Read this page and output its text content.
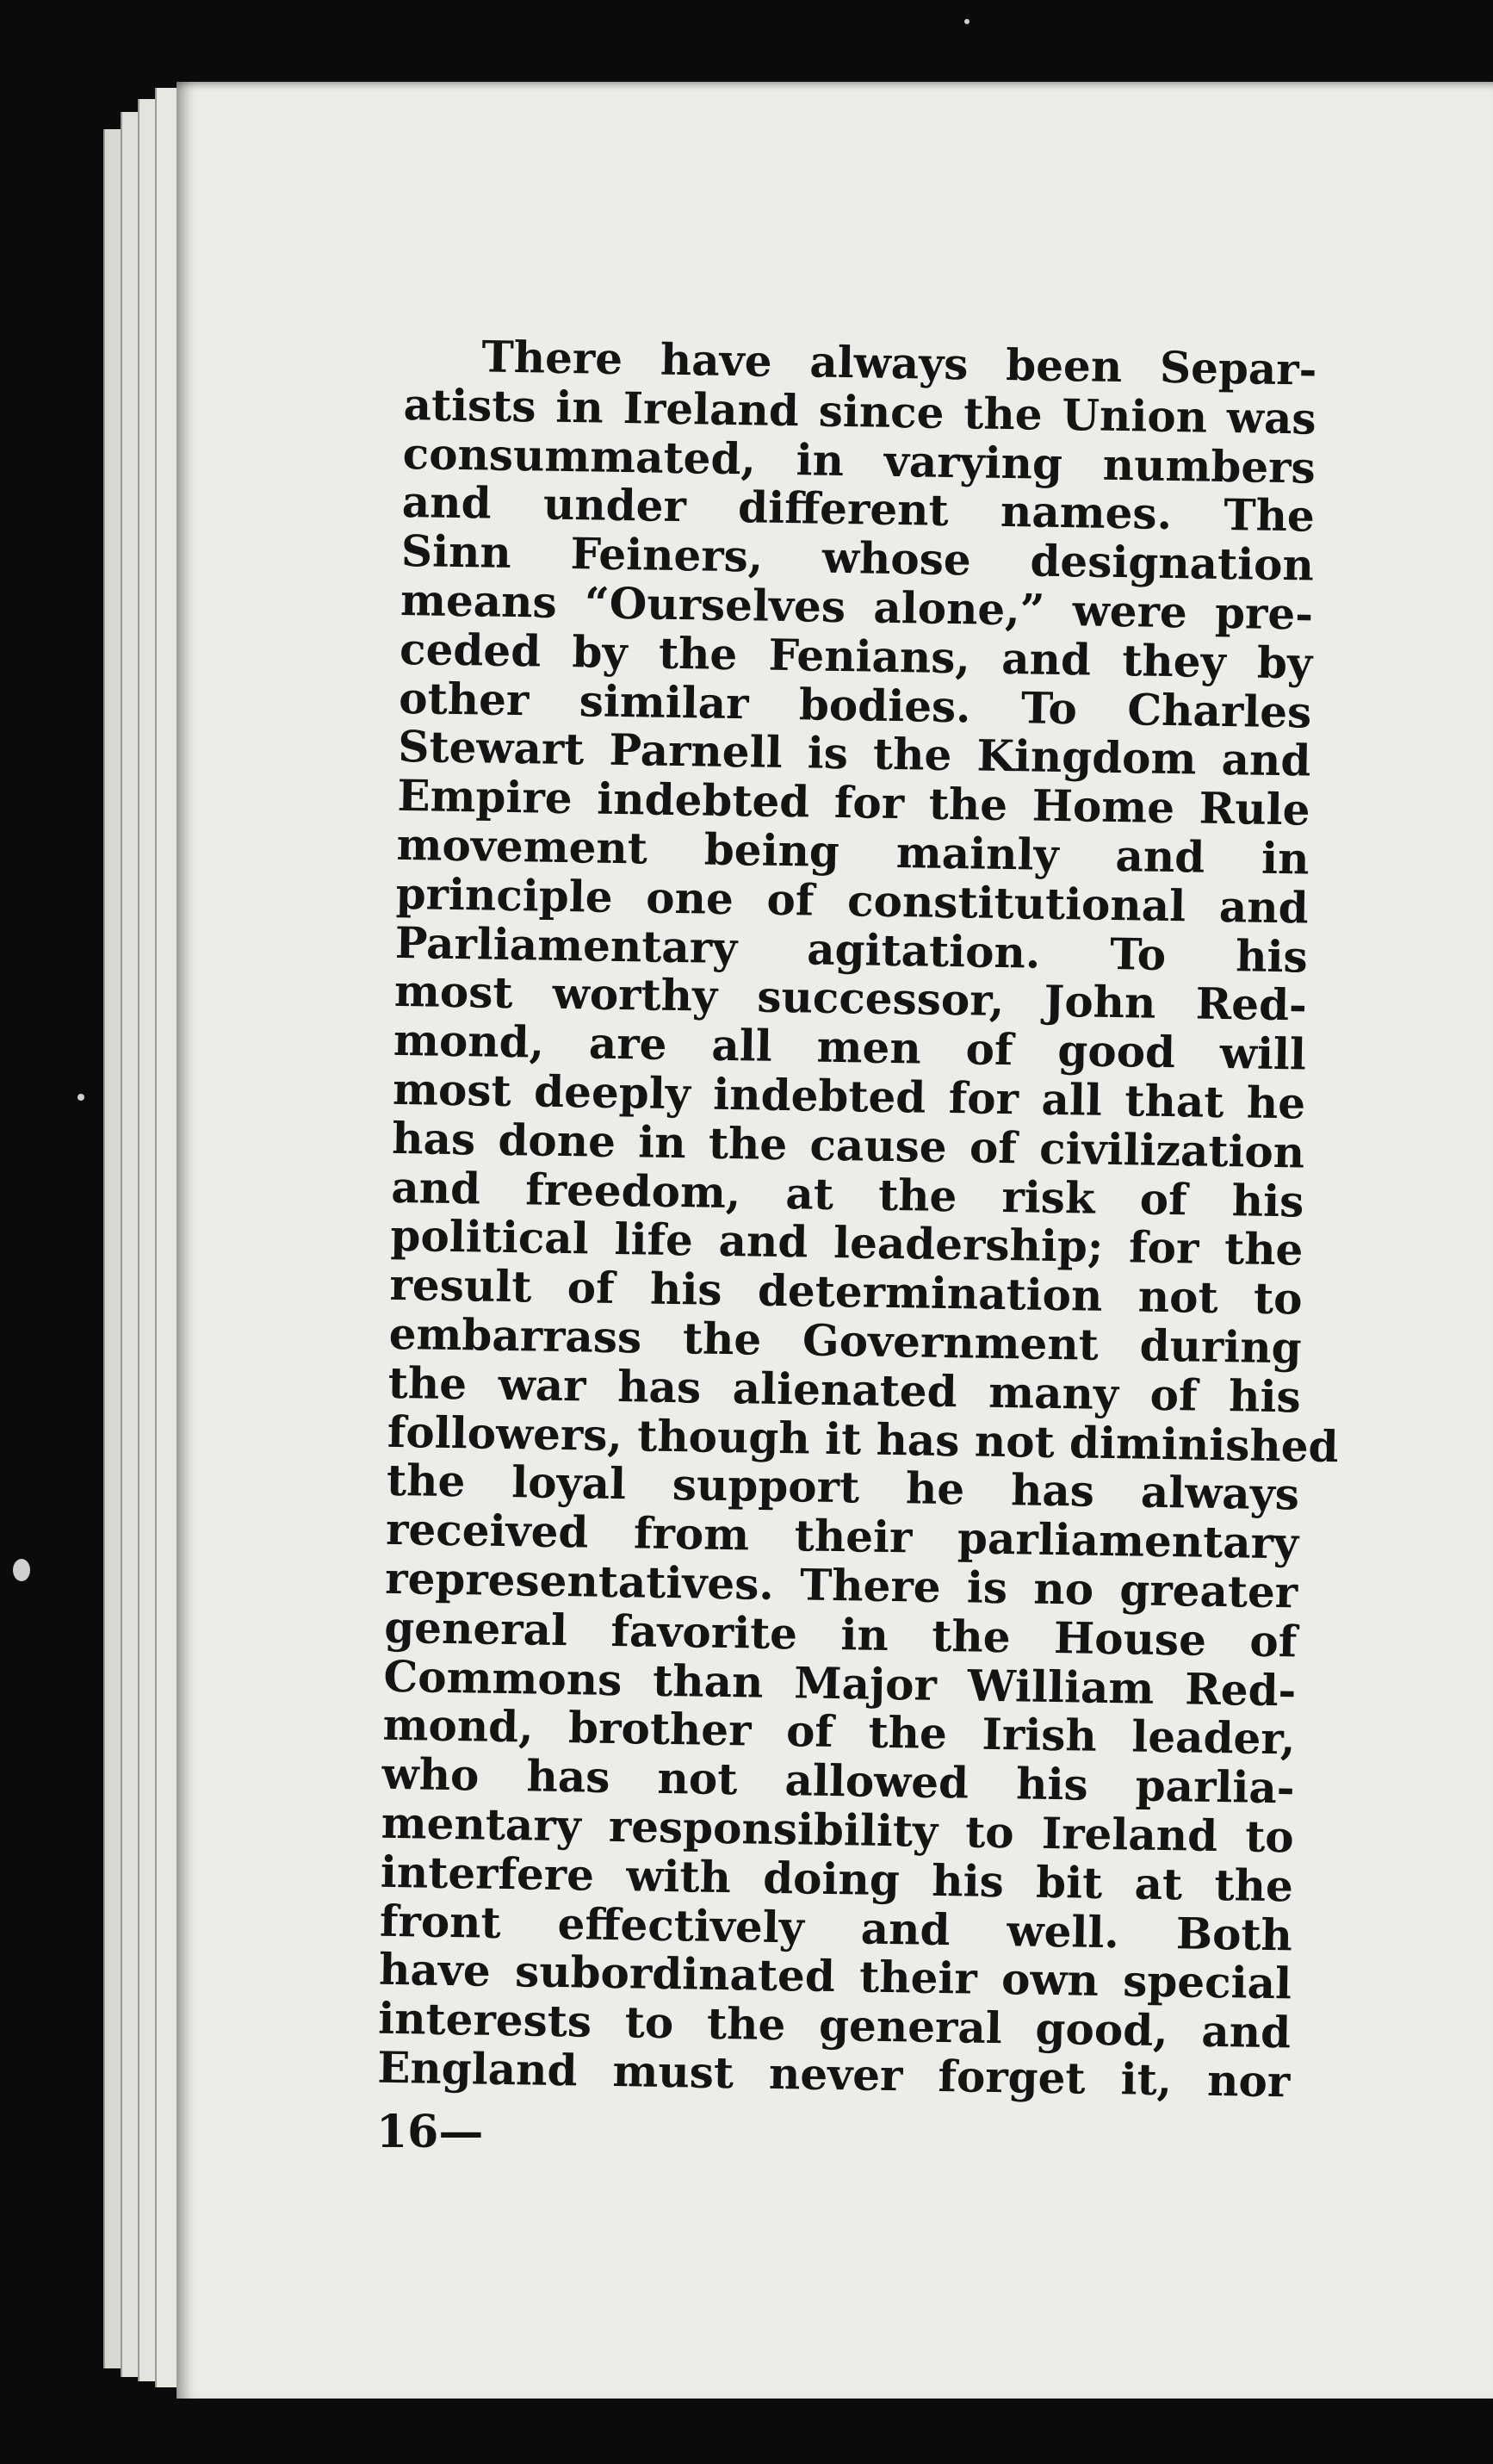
There have always been Separ-
atists in Ireland since the Union was
consummated, in varying numbers
and under different names. The
Sinn Feiners, whose designation
means “Ourselves alone,” were pre-
ceded by the Fenians, and they by
other similar bodies. To Charles
Stewart Parnell is the Kingdom and
Empire indebted for the Home Rule
movement being mainly and in
principle one of constitutional and
Parliamentary agitation. To his
most worthy successor, John Red-
mond, are all men of good will
most deeply indebted for all that he
has done in the cause of civilization
and freedom, at the risk of his
political life and leadership; for the
result of his determination not to
embarrass the Government during
the war has alienated many of his
followers, though it has not diminished
the loyal support he has always
received from their parliamentary
representatives. There is no greater
general favorite in the House of
Commons than Major William Red-
mond, brother of the Irish leader,
who has not allowed his parlia-
mentary responsibility to Ireland to
interfere with doing his bit at the
front effectively and well. Both
have subordinated their own special
interests to the general good, and
England must never forget it, nor
16—
